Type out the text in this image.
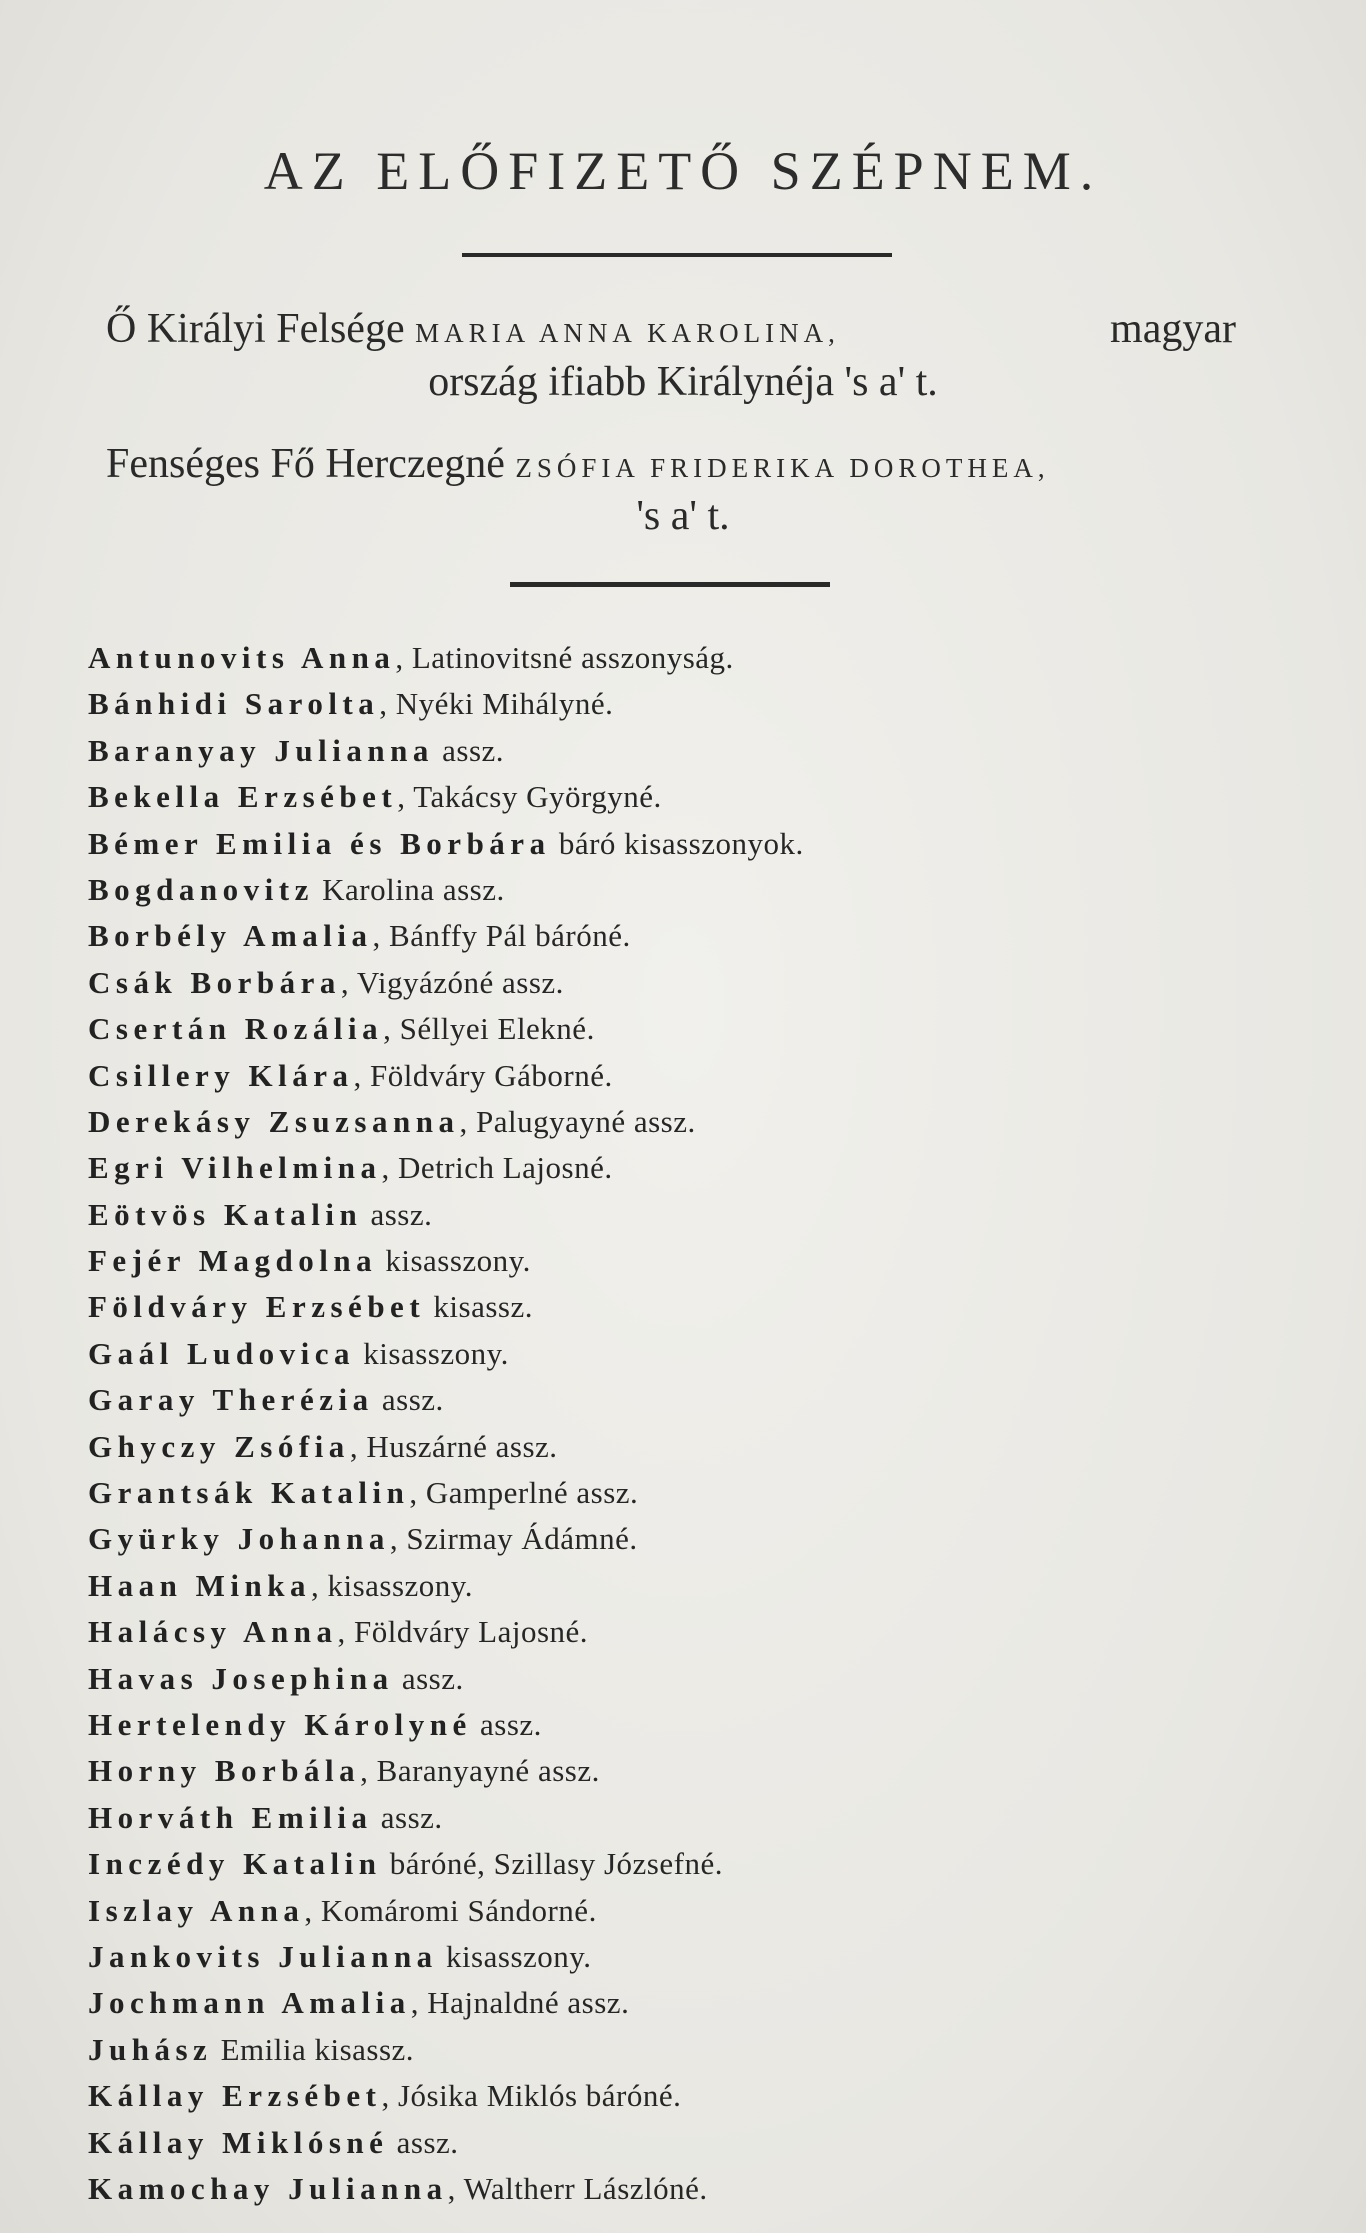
AZ ELŐFIZETŐ SZÉPNEM.
Ő Királyi Felsége MARIA ANNA KAROLINA,	magyar
ország ifiabb Királynéja 's a' t.
Fenséges Fő Herczegné ZSÓFIA FRIDERIKA DOROTHEA,
's a' t.
Antunovits Anna, Latinovitsné asszonyság.
Bánhidi Sarolta, Nyéki Mihályné.
Baranyay Julianna assz.
Bekella Erzsébet, Takácsy Györgyné.
Bémer Emilia és Borbára báró kisasszonyok.
Bogdanovitz Karolina assz.
Borbély Amalia, Bánffy Pál báróné.
Csák Borbára, Vigyázóné assz.
Csertán Rozália, Séllyei Elekné.
Csillery Klára, Földváry Gáborné.
Derekásy Zsuzsanna, Palugyayné assz.
Egri Vilhelmina, Detrich Lajosné.
Eötvös Katalin assz.
Fejér Magdolna kisasszony.
Földváry Erzsébet kisassz.
Gaál Ludovica kisasszony.
Garay Therézia assz.
Ghyczy Zsófia, Huszárné assz.
Grantsák Katalin, Gamperlné assz.
Gyürky Johanna, Szirmay Ádámné.
Haan Minka, kisasszony.
Halácsy Anna, Földváry Lajosné.
Havas Josephina assz.
Hertelendy Károlyné assz.
Horny Borbála, Baranyayné assz.
Horváth Emilia assz.
Inczédy Katalin báróné, Szillasy Józsefné.
Iszlay Anna, Komáromi Sándorné.
Jankovits Julianna kisasszony.
Jochmann Amalia, Hajnaldné assz.
Juhász Emilia kisassz.
Kállay Erzsébet, Jósika Miklós báróné.
Kállay Miklósné assz.
Kamochay Julianna, Waltherr Lászlóné.
